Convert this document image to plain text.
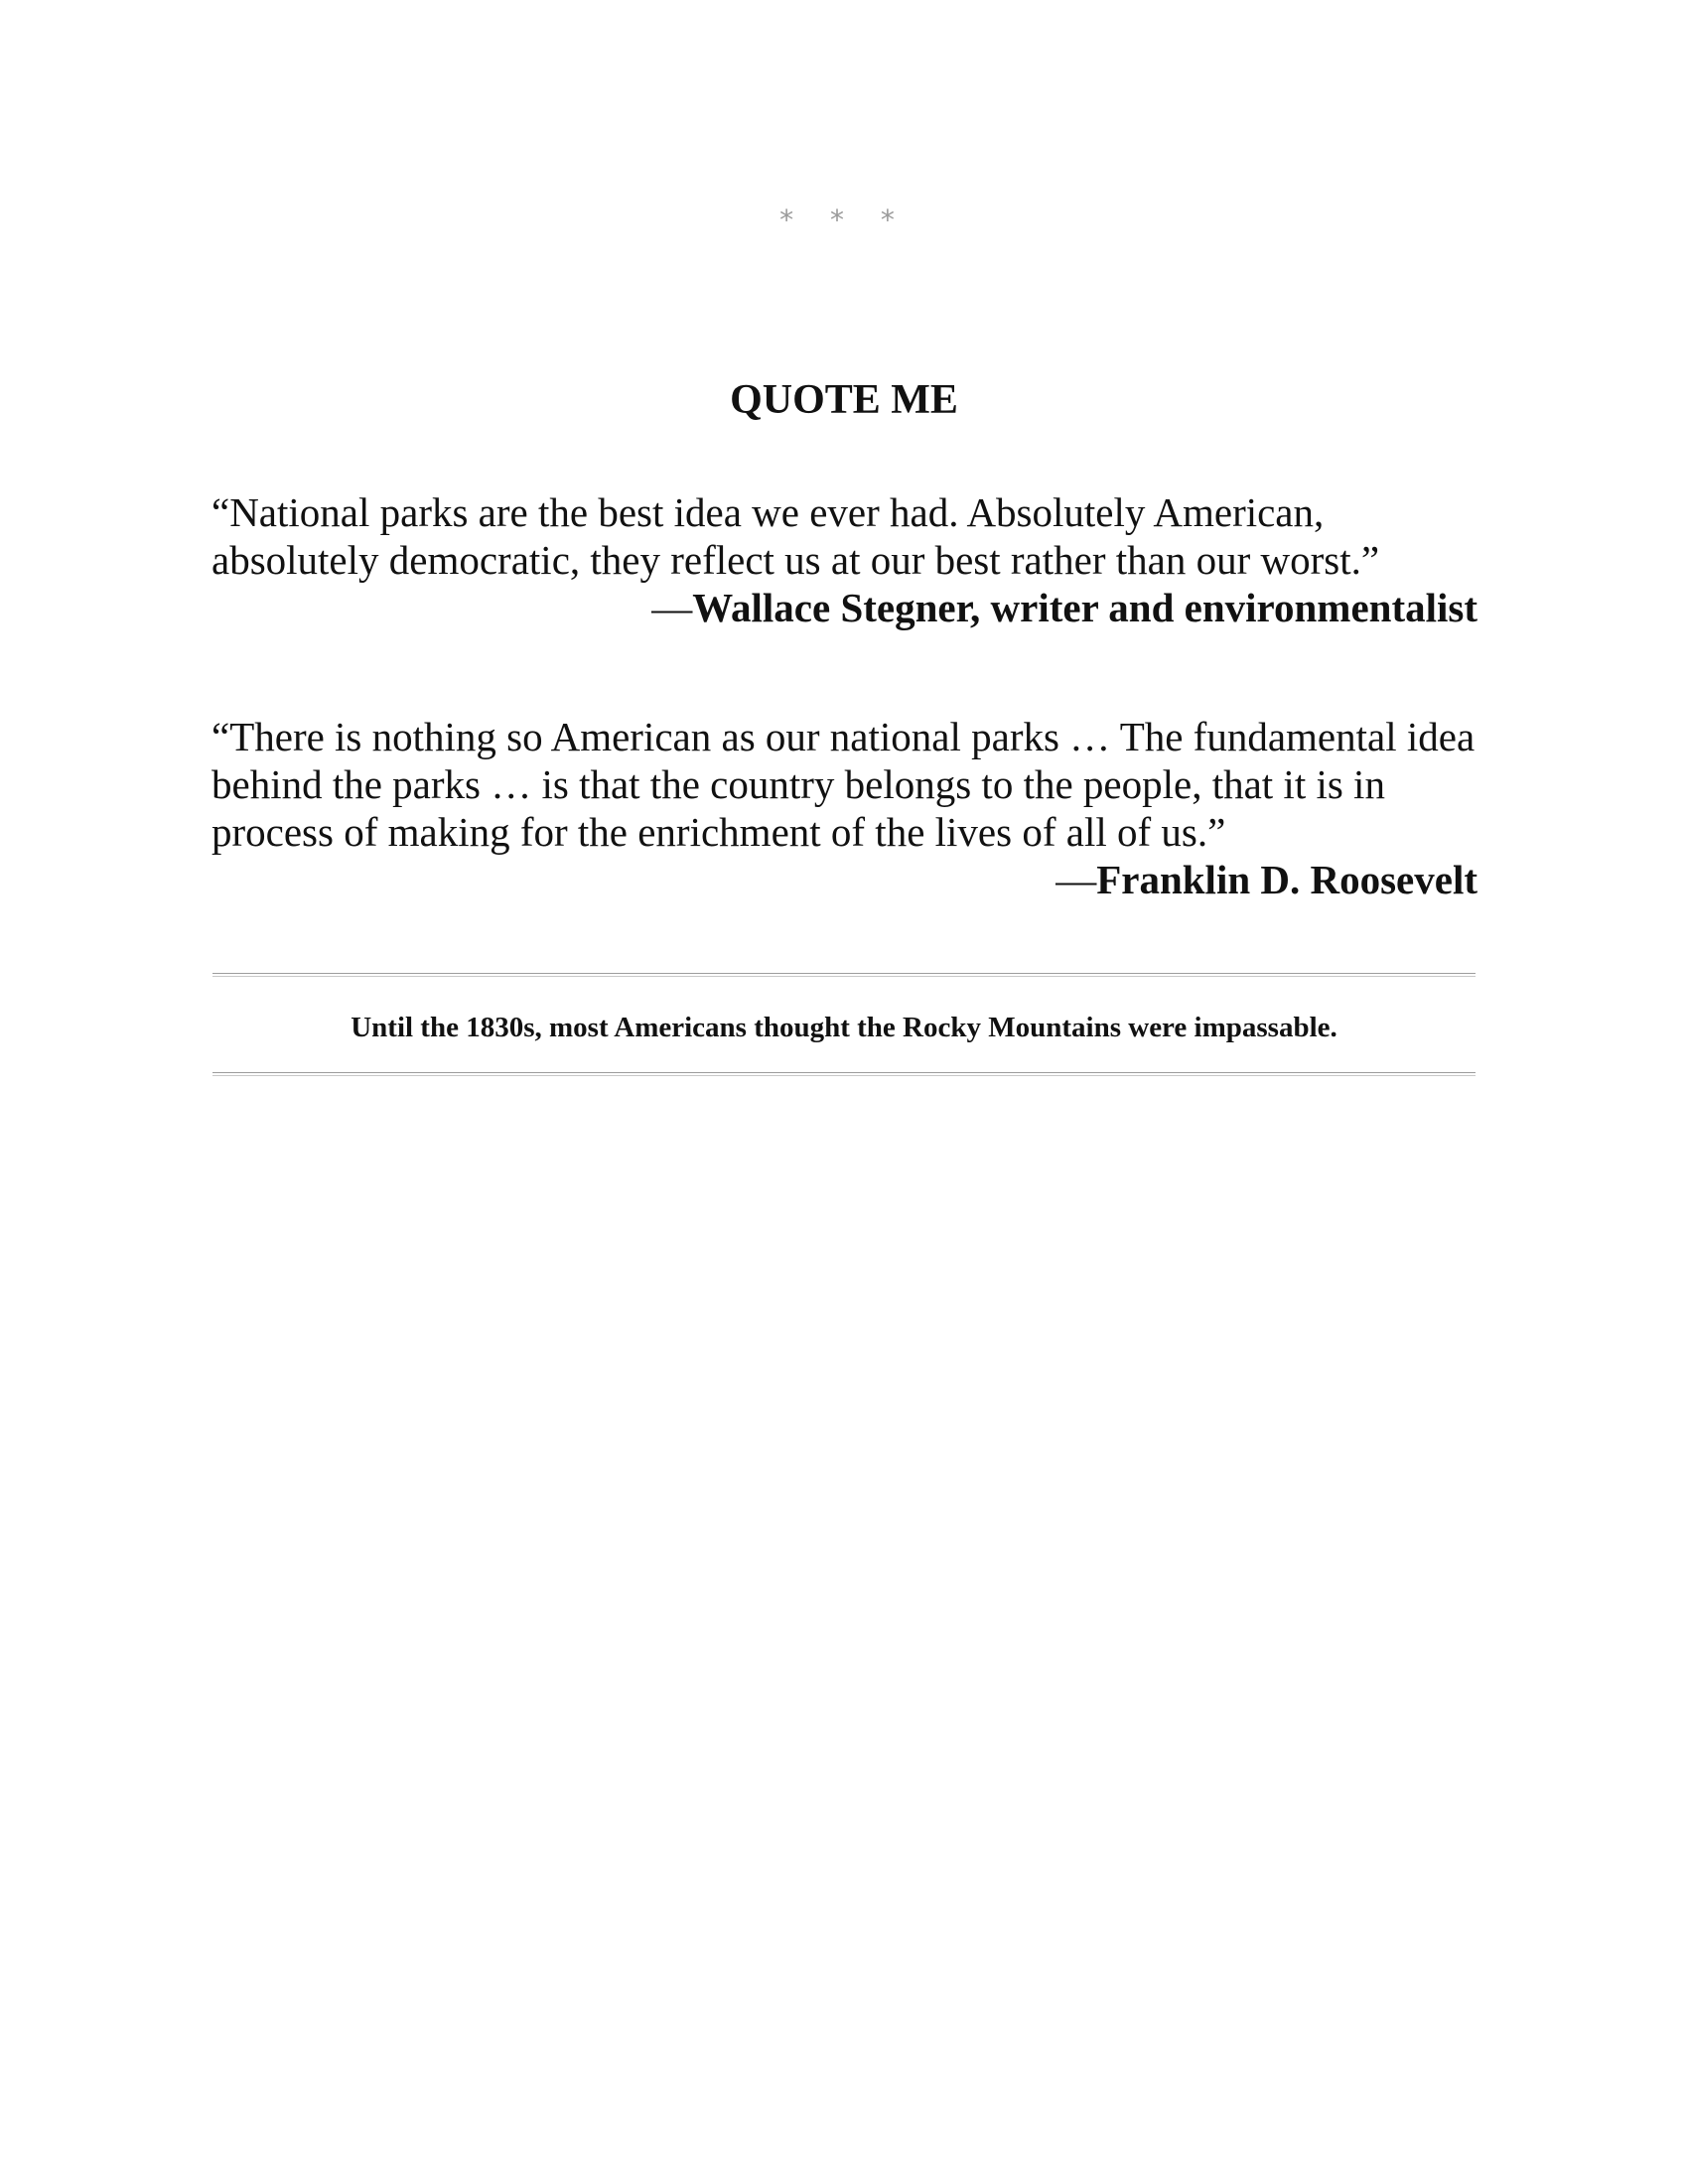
* * *
QUOTE ME

“National parks are the best idea we ever had. Absolutely American, absolutely democratic, they reflect us at our best rather than our worst.”

—Wallace Stegner, writer and environmentalist

“There is nothing so American as our national parks … The fundamental idea behind the parks … is that the country belongs to the people, that it is in process of making for the enrichment of the lives of all of us.”

—Franklin D. Roosevelt

Until the 1830s, most Americans thought the Rocky Mountains were impassable.
